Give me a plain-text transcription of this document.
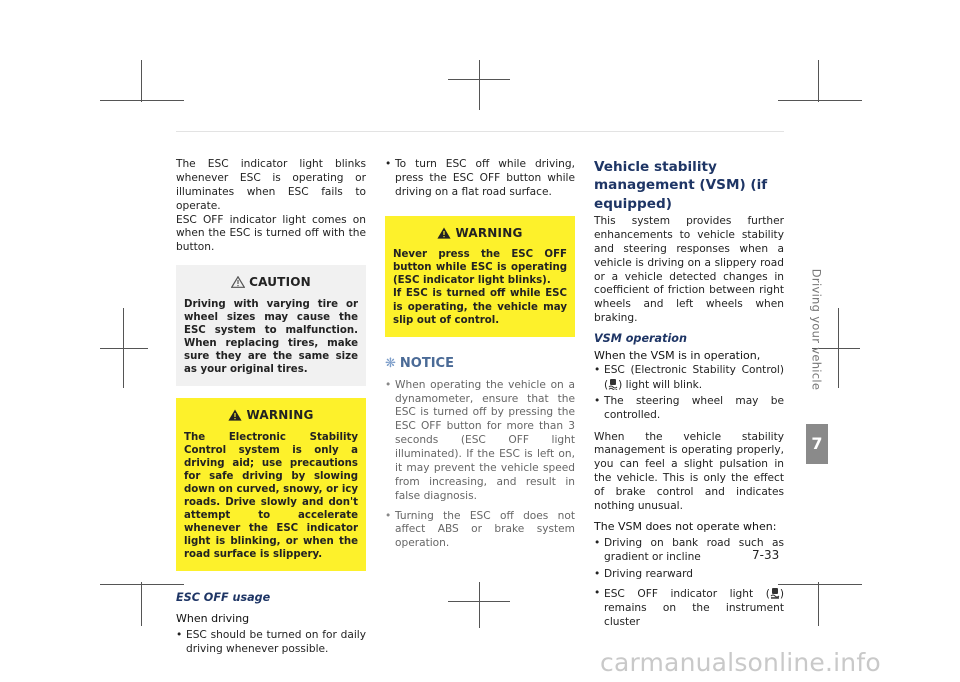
The ESC indicator light blinks whenever ESC is operating or illuminates when ESC fails to operate.

ESC OFF indicator light comes on when the ESC is turned off with the button.

CAUTION
Driving with varying tire or wheel sizes may cause the ESC system to malfunction. When replacing tires, make sure they are the same size as your original tires.
WARNING
The Electronic Stability Control system is only a driving aid; use precautions for safe driving by slowing down on curved, snowy, or icy roads. Drive slowly and don't attempt to accelerate whenever the ESC indicator light is blinking, or when the road surface is slippery.
ESC OFF usage
When driving
• ESC should be turned on for daily driving whenever possible.
• To turn ESC off while driving, press the ESC OFF button while driving on a flat road surface.
WARNING
Never press the ESC OFF button while ESC is operating (ESC indicator light blinks).
If ESC is turned off while ESC is operating, the vehicle may slip out of control.
❋ NOTICE
• When operating the vehicle on a dynamometer, ensure that the ESC is turned off by pressing the ESC OFF button for more than 3 seconds (ESC OFF light illuminated). If the ESC is left on, it may prevent the vehicle speed from increasing, and result in false diagnosis.
• Turning the ESC off does not affect ABS or brake system operation.
Vehicle stability management (VSM) (if equipped)

This system provides further enhancements to vehicle stability and steering responses when a vehicle is driving on a slippery road or a vehicle detected changes in coefficient of friction between right wheels and left wheels when braking.

VSM operation
When the VSM is in operation,
• ESC (Electronic Stability Control) ( ) light will blink.
• The steering wheel may be controlled.

When the vehicle stability management is operating properly, you can feel a slight pulsation in the vehicle. This is only the effect of brake control and indicates nothing unusual.

The VSM does not operate when:
• Driving on bank road such as gradient or incline
• Driving rearward
• ESC OFF indicator light ( ) remains on the instrument cluster
Driving your vehicle
7
7-33
carmanualsonline.info
